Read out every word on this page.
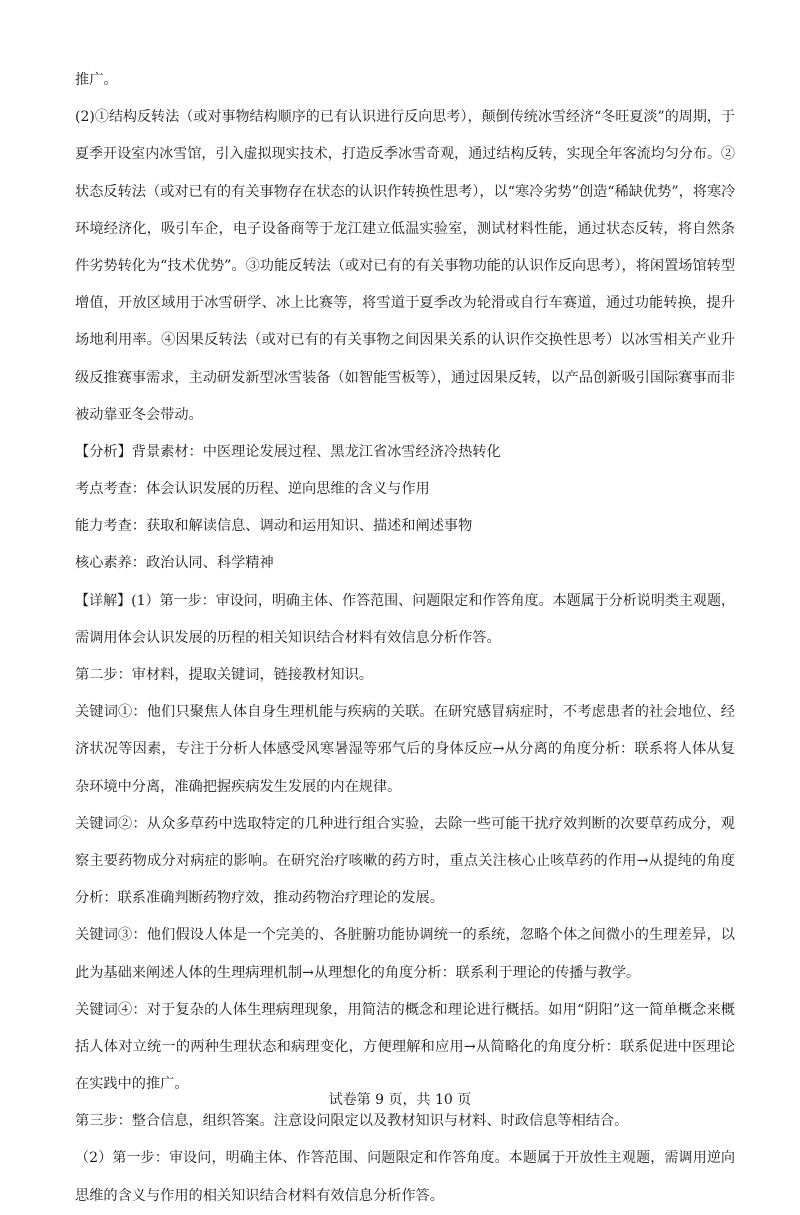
推广。
(2)①结构反转法（或对事物结构顺序的已有认识进行反向思考），颠倒传统冰雪经济“冬旺夏淡”的周期，于
夏季开设室内冰雪馆，引入虚拟现实技术，打造反季冰雪奇观，通过结构反转，实现全年客流均匀分布。②
状态反转法（或对已有的有关事物存在状态的认识作转换性思考），以“寒冷劣势”创造“稀缺优势”，将寒冷
环境经济化，吸引车企，电子设备商等于龙江建立低温实验室，测试材料性能，通过状态反转，将自然条
件劣势转化为“技术优势”。③功能反转法（或对已有的有关事物功能的认识作反向思考），将闲置场馆转型
增值，开放区域用于冰雪研学、冰上比赛等，将雪道于夏季改为轮滑或自行车赛道，通过功能转换，提升
场地利用率。④因果反转法（或对已有的有关事物之间因果关系的认识作交换性思考）以冰雪相关产业升
级反推赛事需求，主动研发新型冰雪装备（如智能雪板等），通过因果反转，以产品创新吸引国际赛事而非
被动靠亚冬会带动。
【分析】背景素材：中医理论发展过程、黑龙江省冰雪经济冷热转化
考点考查：体会认识发展的历程、逆向思维的含义与作用
能力考查：获取和解读信息、调动和运用知识、描述和阐述事物
核心素养：政治认同、科学精神
【详解】(1）第一步：审设问，明确主体、作答范围、问题限定和作答角度。本题属于分析说明类主观题，
需调用体会认识发展的历程的相关知识结合材料有效信息分析作答。
第二步：审材料，提取关键词，链接教材知识。
关键词①：他们只聚焦人体自身生理机能与疾病的关联。在研究感冒病症时，不考虑患者的社会地位、经
济状况等因素，专注于分析人体感受风寒暑湿等邪气后的身体反应→从分离的角度分析：联系将人体从复
杂环境中分离，准确把握疾病发生发展的内在规律。
关键词②：从众多草药中选取特定的几种进行组合实验，去除一些可能干扰疗效判断的次要草药成分，观
察主要药物成分对病症的影响。在研究治疗咳嗽的药方时，重点关注核心止咳草药的作用→从提纯的角度
分析：联系准确判断药物疗效，推动药物治疗理论的发展。
关键词③：他们假设人体是一个完美的、各脏腑功能协调统一的系统，忽略个体之间微小的生理差异，以
此为基础来阐述人体的生理病理机制→从理想化的角度分析：联系利于理论的传播与教学。
关键词④：对于复杂的人体生理病理现象，用简洁的概念和理论进行概括。如用“阴阳”这一简单概念来概
括人体对立统一的两种生理状态和病理变化，方便理解和应用→从简略化的角度分析：联系促进中医理论
在实践中的推广。
第三步：整合信息，组织答案。注意设问限定以及教材知识与材料、时政信息等相结合。
（2）第一步：审设问，明确主体、作答范围、问题限定和作答角度。本题属于开放性主观题，需调用逆向
思维的含义与作用的相关知识结合材料有效信息分析作答。
试卷第 9 页，共 10 页
